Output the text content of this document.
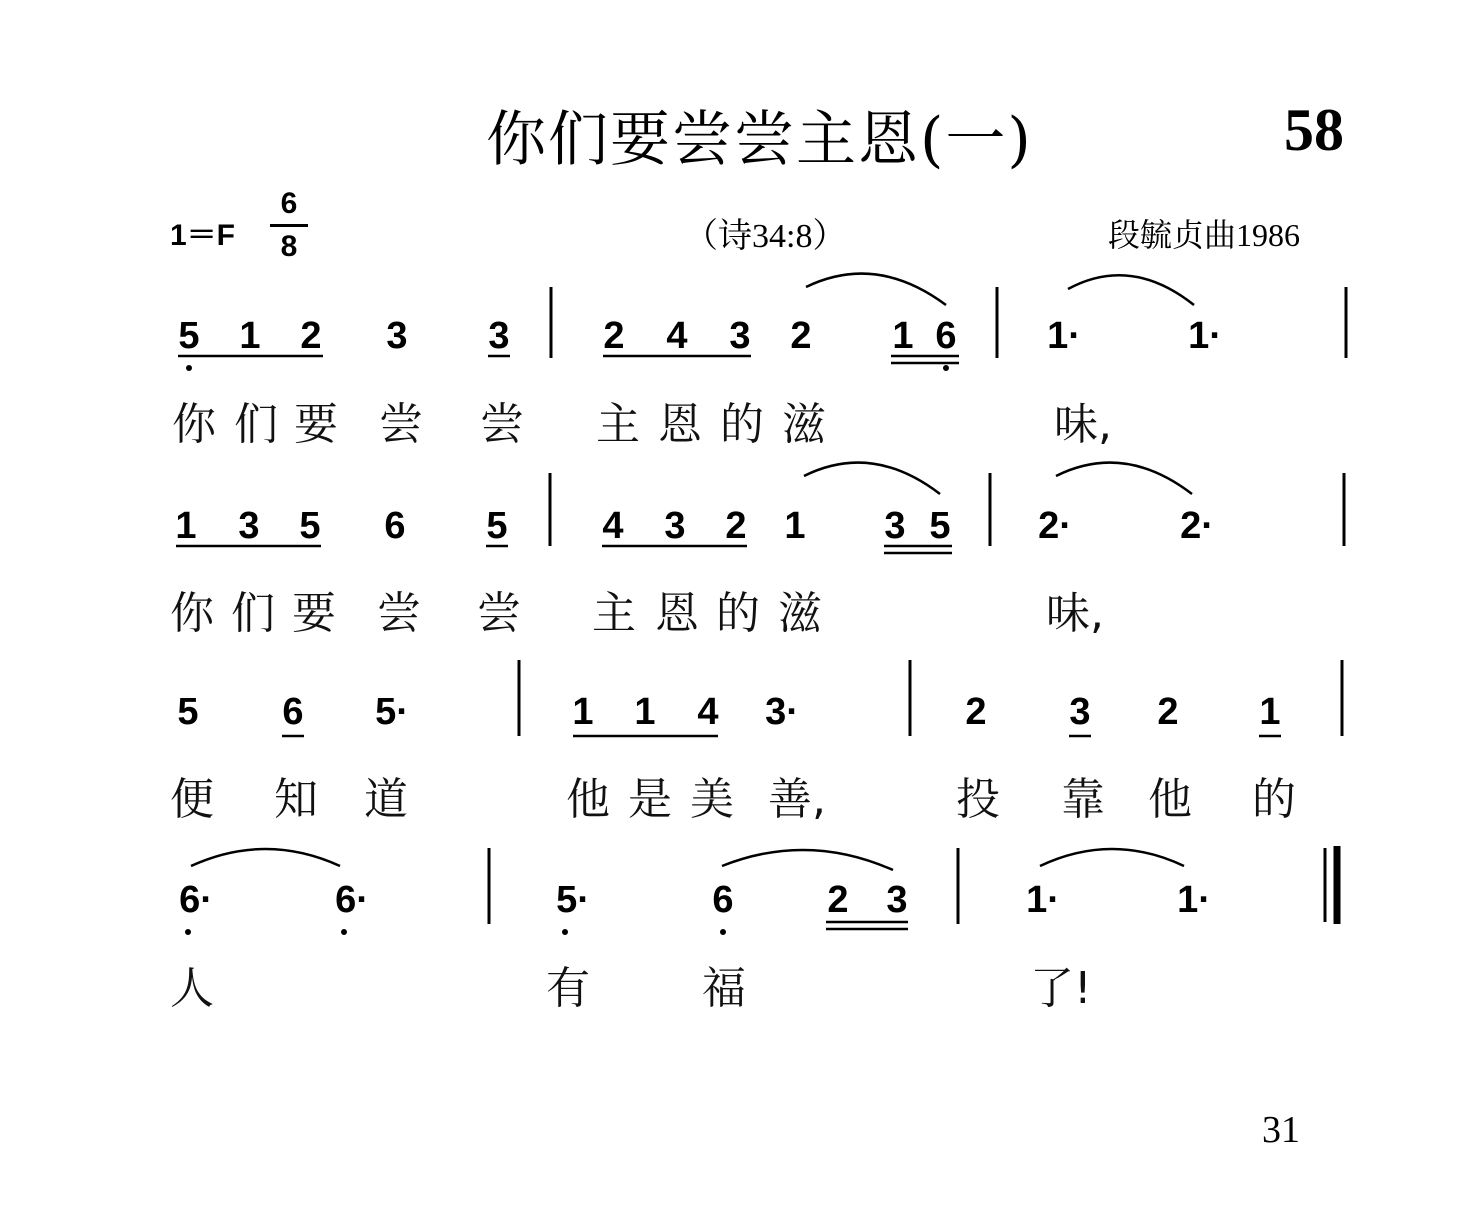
你们要尝尝主恩(一)	58
1＝F
6
8	（诗34:8）	段毓贞曲1986
5 1 2 3 3 2 4 3 2 1 6 1·	1·
1 3 5 6 5 4 3 2 1 3 5 2·	2·
5 6 5·	1 1 4 3·	2 3 2 1
6·	6·	5·	6 2 3	1·	1·
你 们 要 尝 尝 主 恩 的 滋	味,
你 们 要 尝 尝 主 恩 的 滋	味,
便 知 道	他 是 美 善,	投 靠 他 的
人	有	福	了!
31
